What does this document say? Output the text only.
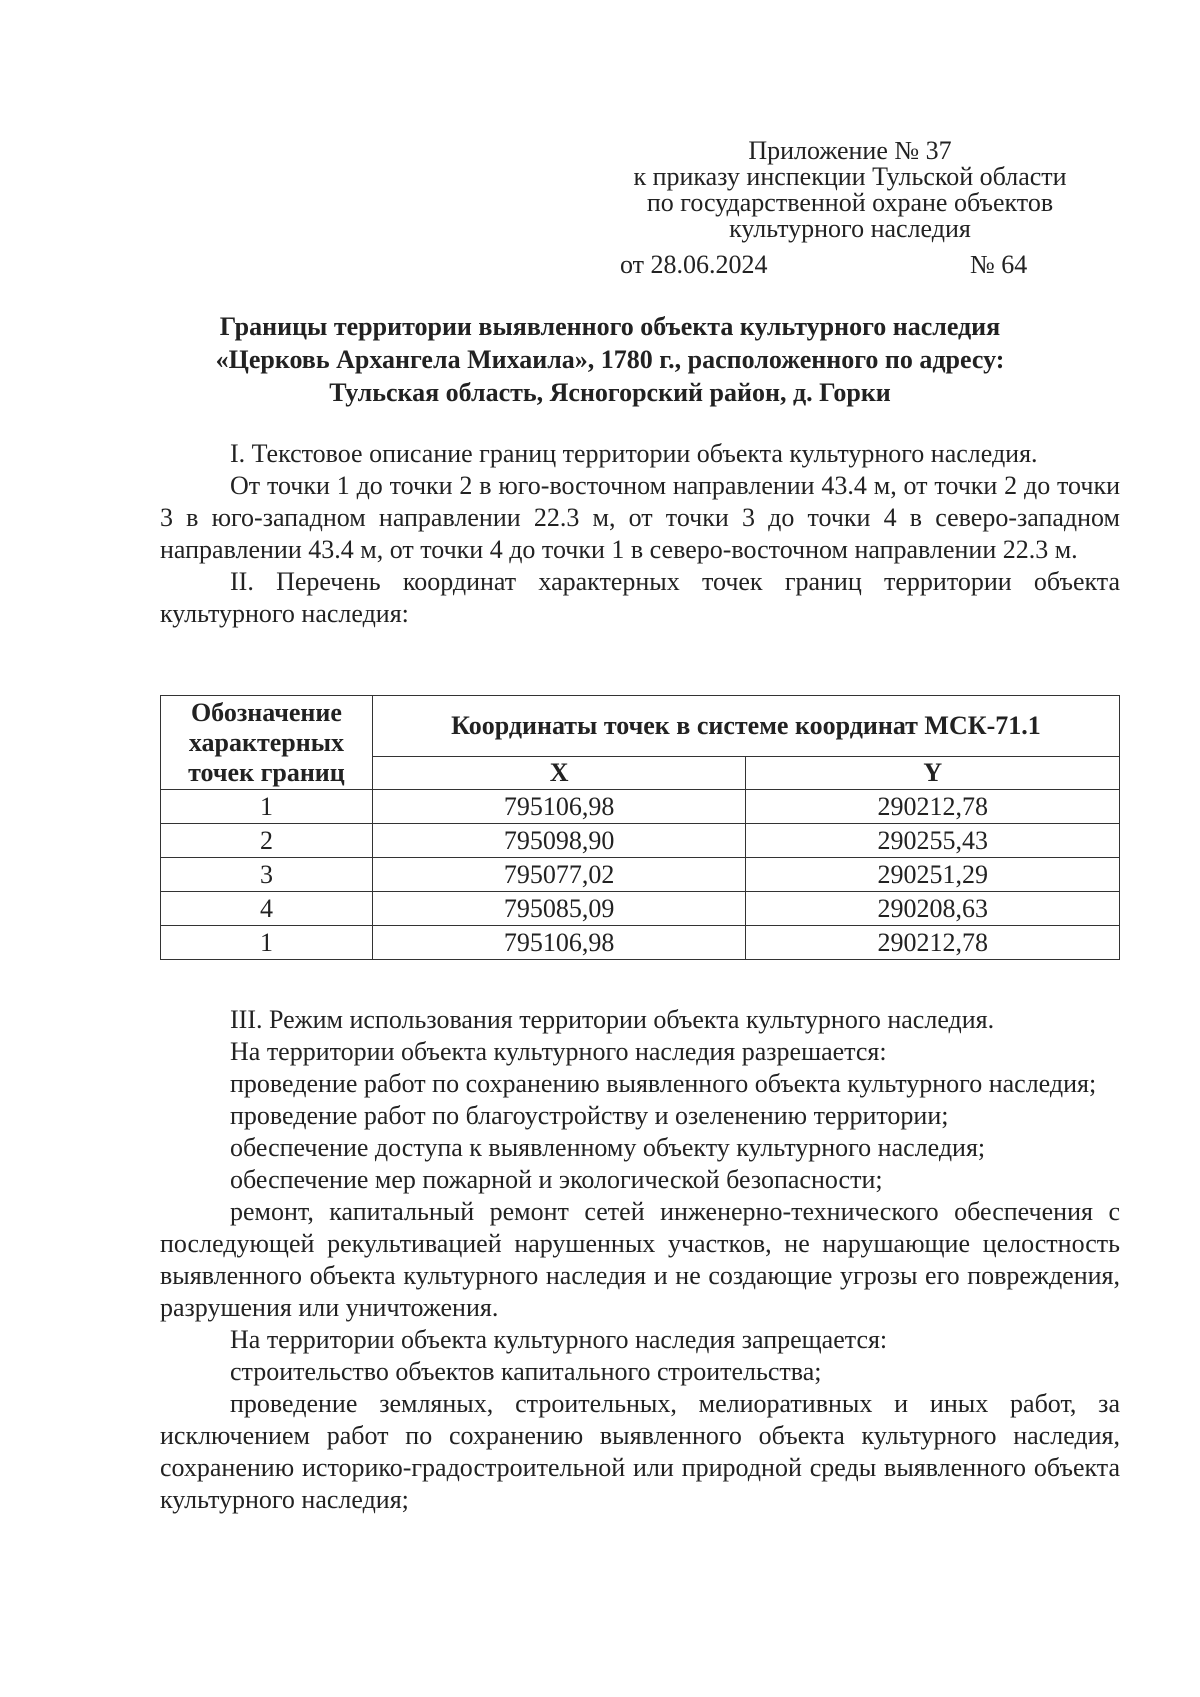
Приложение № 37
к приказу инспекции Тульской области
по государственной охране объектов
культурного наследия
от 28.06.2024	№ 64
Границы территории выявленного объекта культурного наследия
«Церковь Архангела Михаила», 1780 г., расположенного по адресу:
Тульская область, Ясногорский район, д. Горки

I. Текстовое описание границ территории объекта культурного наследия.

От точки 1 до точки 2 в юго-восточном направлении 43.4 м, от точки 2 до точки 3 в юго-западном направлении 22.3 м, от точки 3 до точки 4 в северо-западном направлении 43.4 м, от точки 4 до точки 1 в северо-восточном направлении 22.3 м.

II. Перечень координат характерных точек границ территории объекта культурного наследия:

Обозначение характерных точек границ	Координаты точек в системе координат МСК-71.1	
	X	Y
1	795106,98	290212,78
2	795098,90	290255,43
3	795077,02	290251,29
4	795085,09	290208,63
1	795106,98	290212,78

III. Режим использования территории объекта культурного наследия.

На территории объекта культурного наследия разрешается:

проведение работ по сохранению выявленного объекта культурного наследия;

проведение работ по благоустройству и озеленению территории;

обеспечение доступа к выявленному объекту культурного наследия;

обеспечение мер пожарной и экологической безопасности;

ремонт, капитальный ремонт сетей инженерно-технического обеспечения с последующей рекультивацией нарушенных участков, не нарушающие целостность выявленного объекта культурного наследия и не создающие угрозы его повреждения, разрушения или уничтожения.

На территории объекта культурного наследия запрещается:

строительство объектов капитального строительства;

проведение земляных, строительных, мелиоративных и иных работ, за исключением работ по сохранению выявленного объекта культурного наследия, сохранению историко-градостроительной или природной среды выявленного объекта культурного наследия;
